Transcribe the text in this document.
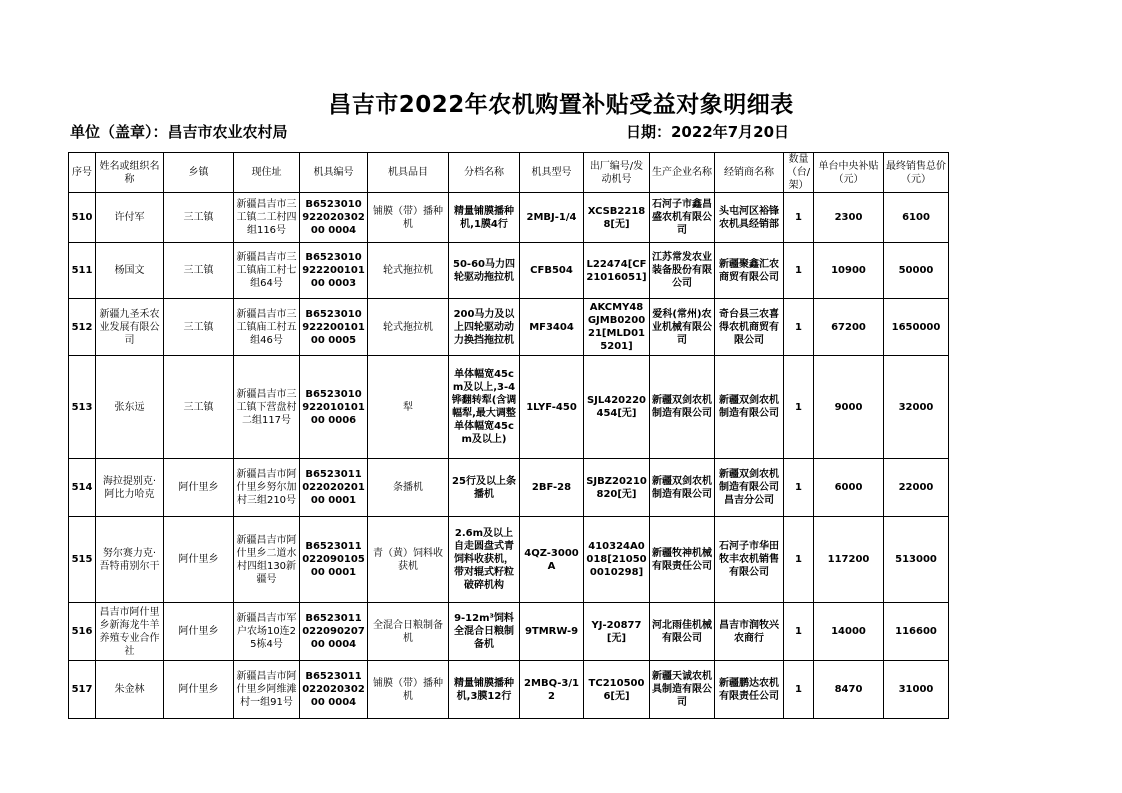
昌吉市2022年农机购置补贴受益对象明细表
单位（盖章）：昌吉市农业农村局	日期：2022年7月20日
序号	姓名或组织名称	乡镇	现住址	机具编号	机具品目	分档名称	机具型号	出厂编号/发动机号	生产企业名称	经销商名称	数量（台/架）	单台中央补贴（元）	最终销售总价（元）
510	许付军	三工镇	新疆昌吉市三工镇二工村四组116号	B652301092202030200 0004	铺膜（带）播种机	精量铺膜播种机,1膜4行	2MBJ-1/4	XCSB22188[无]	石河子市鑫昌盛农机有限公司	头屯河区裕锋农机具经销部	1	2300	6100
511	杨国文	三工镇	新疆昌吉市三工镇庙工村七组64号	B652301092220010100 0003	轮式拖拉机	50-60马力四轮驱动拖拉机	CFB504	L22474[CF21016051]	江苏常发农业装备股份有限公司	新疆聚鑫汇农商贸有限公司	1	10900	50000
512	新疆九圣禾农业发展有限公司	三工镇	新疆昌吉市三工镇庙工村五组46号	B652301092220010100 0005	轮式拖拉机	200马力及以上四轮驱动动力换挡拖拉机	MF3404	AKCMY48GJMB020021[MLD015201]	爱科(常州)农业机械有限公司	奇台县三农喜得农机商贸有限公司	1	67200	1650000
513	张东远	三工镇	新疆昌吉市三工镇下营盘村二组117号	B652301092201010100 0006	犁	单体幅宽45cm及以上,3-4铧翻转犁(含调幅犁,最大调整单体幅宽45cm及以上)	1LYF-450	SJL420220454[无]	新疆双剑农机制造有限公司	新疆双剑农机制造有限公司	1	9000	32000
514	海拉提别克·阿比力哈克	阿什里乡	新疆昌吉市阿什里乡努尔加村三组210号	B652301102202020100 0001	条播机	25行及以上条播机	2BF-28	SJBZ20210820[无]	新疆双剑农机制造有限公司	新疆双剑农机制造有限公司昌吉分公司	1	6000	22000
515	努尔赛力克·吾特甫别尔干	阿什里乡	新疆昌吉市阿什里乡二道水村四组130新疆号	B652301102209010500 0001	青（黄）饲料收获机	2.6m及以上自走圆盘式青饲料收获机，带对辊式籽粒破碎机构	4QZ-3000A	410324A0018[210500010298]	新疆牧神机械有限责任公司	石河子市华田牧丰农机销售有限公司	1	117200	513000
516	昌吉市阿什里乡新海龙牛羊养殖专业合作社	阿什里乡	新疆昌吉市军户农场10连25栋4号	B652301102209020700 0004	全混合日粮制备机	9-12m³饲料全混合日粮制备机	9TMRW-9	YJ-20877[无]	河北雨佳机械有限公司	昌吉市润牧兴农商行	1	14000	116600
517	朱金林	阿什里乡	新疆昌吉市阿什里乡阿维滩村一组91号	B652301102202030200 0004	铺膜（带）播种机	精量铺膜播种机,3膜12行	2MBQ-3/12	TC2105006[无]	新疆天诚农机具制造有限公司	新疆鹏达农机有限责任公司	1	8470	31000
